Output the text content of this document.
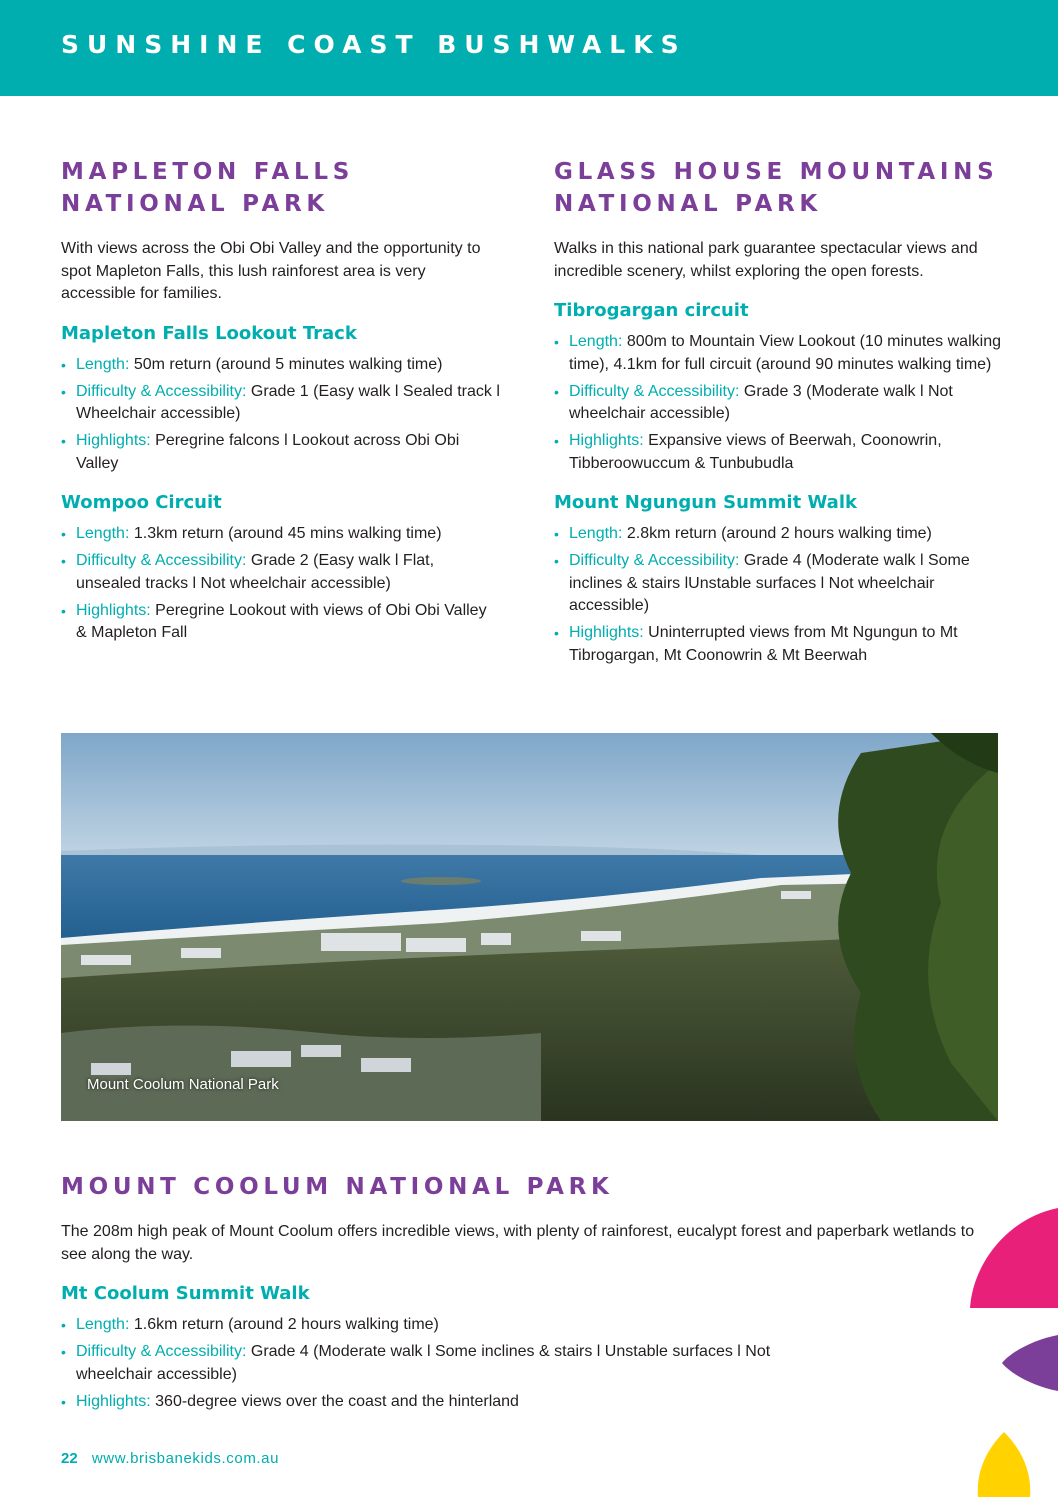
SUNSHINE COAST BUSHWALKS
MAPLETON FALLS
NATIONAL PARK

With views across the Obi Obi Valley and the opportunity to spot Mapleton Falls, this lush rainforest area is very accessible for families.

Mapleton Falls Lookout Track
• Length: 50m return (around 5 minutes walking time)
• Difficulty & Accessibility: Grade 1 (Easy walk l Sealed track l Wheelchair accessible)
• Highlights: Peregrine falcons l Lookout across Obi Obi Valley
Wompoo Circuit
• Length: 1.3km return (around 45 mins walking time)
• Difficulty & Accessibility: Grade 2 (Easy walk l Flat, unsealed tracks l Not wheelchair accessible)
• Highlights: Peregrine Lookout with views of Obi Obi Valley & Mapleton Fall
GLASS HOUSE MOUNTAINS
NATIONAL PARK

Walks in this national park guarantee spectacular views and incredible scenery, whilst exploring the open forests.

Tibrogargan circuit
• Length: 800m to Mountain View Lookout (10 minutes walking time), 4.1km for full circuit (around 90 minutes walking time)
• Difficulty & Accessibility: Grade 3 (Moderate walk l Not wheelchair accessible)
• Highlights: Expansive views of Beerwah, Coonowrin, Tibberoowuccum & Tunbubudla
Mount Ngungun Summit Walk
• Length: 2.8km return (around 2 hours walking time)
• Difficulty & Accessibility: Grade 4 (Moderate walk l Some inclines & stairs lUnstable surfaces l Not wheelchair accessible)
• Highlights: Uninterrupted views from Mt Ngungun to Mt Tibrogargan, Mt Coonowrin & Mt Beerwah
Mount Coolum National Park
MOUNT COOLUM NATIONAL PARK

The 208m high peak of Mount Coolum offers incredible views, with plenty of rainforest, eucalypt forest and paperbark wetlands to see along the way.

Mt Coolum Summit Walk
• Length: 1.6km return (around 2 hours walking time)
• Difficulty & Accessibility: Grade 4 (Moderate walk l Some inclines & stairs l Unstable surfaces l Not wheelchair accessible)
• Highlights: 360-degree views over the coast and the hinterland
22 www.brisbanekids.com.au
